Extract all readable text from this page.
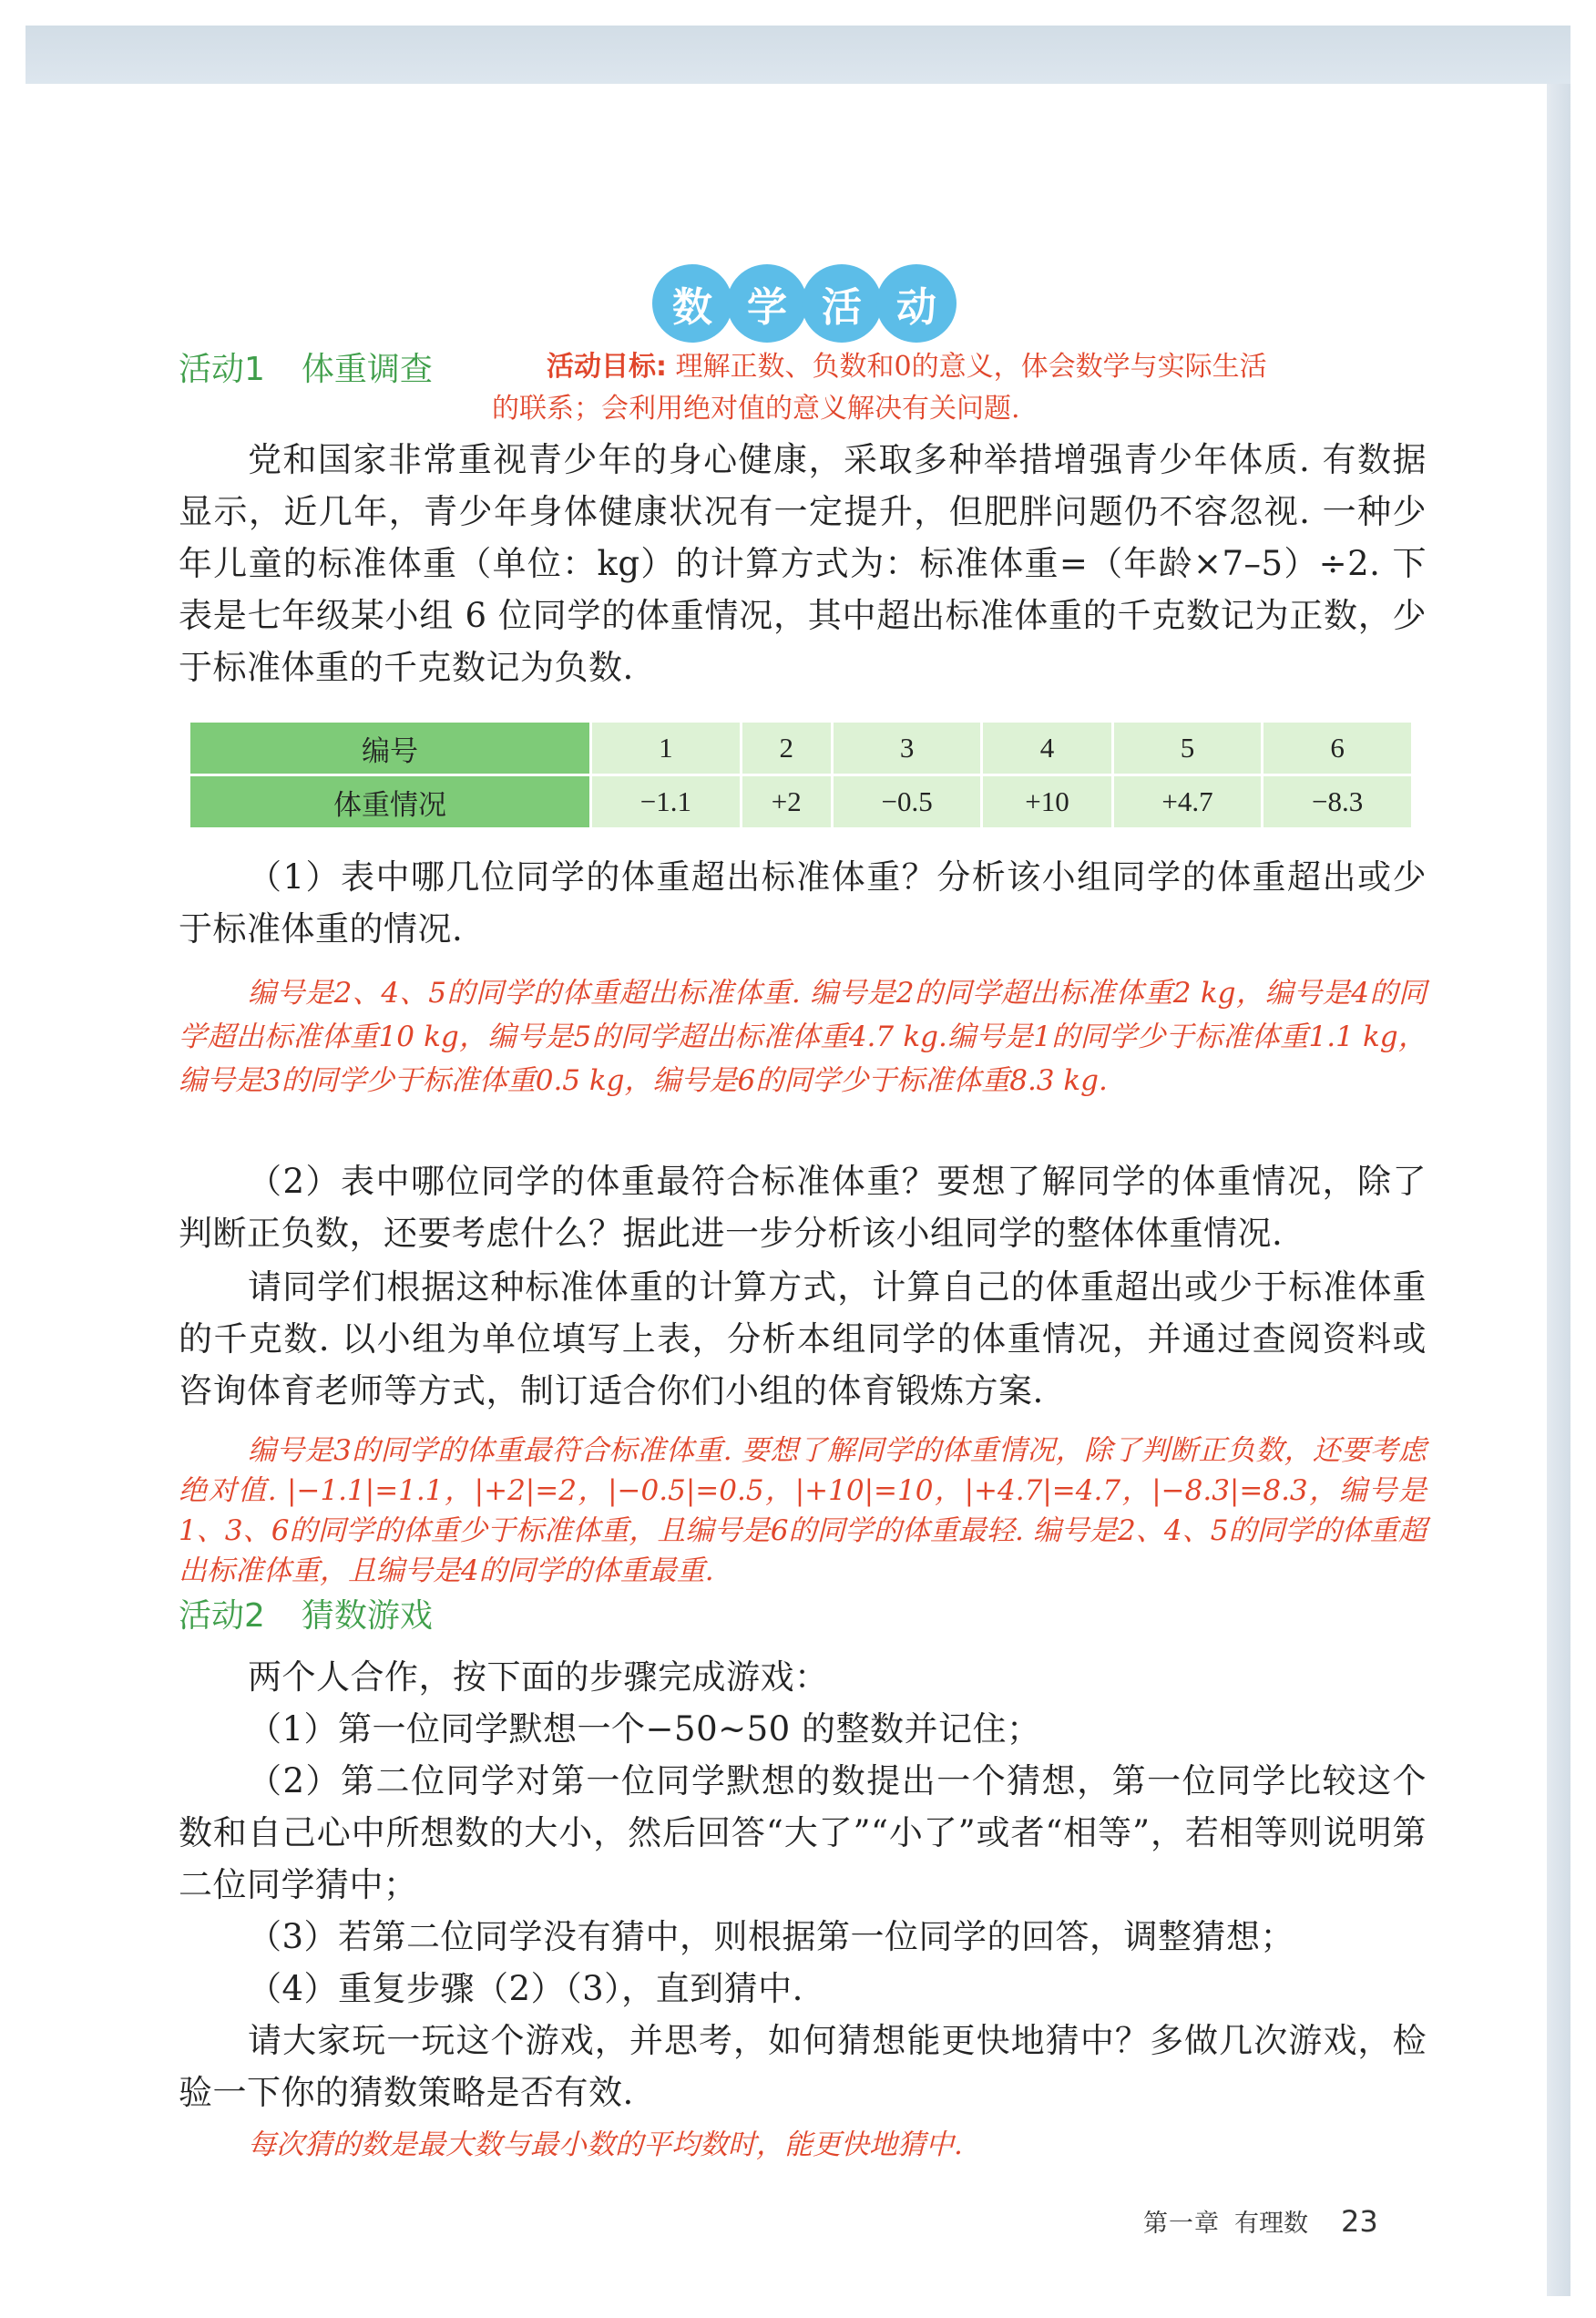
数 学 活 动
活动1 体重调查	活动目标: 理解正数、负数和0的意义，体会数学与实际生活
的联系；会利用绝对值的意义解决有关问题.
党和国家非常重视青少年的身心健康，采取多种举措增强青少年体质. 有数据显示，近几年，青少年身体健康状况有一定提升，但肥胖问题仍不容忽视. 一种少年儿童的标准体重（单位：kg）的计算方式为：标准体重=（年龄×7–5）÷2. 下表是七年级某小组 6 位同学的体重情况，其中超出标准体重的千克数记为正数，少于标准体重的千克数记为负数.
编号	1	2	3	4	5	6
体重情况	−1.1	+2	−0.5	+10	+4.7	−8.3
（1）表中哪几位同学的体重超出标准体重？分析该小组同学的体重超出或少于标准体重的情况.
编号是2、4、5的同学的体重超出标准体重. 编号是2的同学超出标准体重2 kg，编号是4的同学超出标准体重10 kg，编号是5的同学超出标准体重4.7 kg.编号是1的同学少于标准体重1.1 kg，编号是3的同学少于标准体重0.5 kg，编号是6的同学少于标准体重8.3 kg.
（2）表中哪位同学的体重最符合标准体重？要想了解同学的体重情况，除了判断正负数，还要考虑什么？据此进一步分析该小组同学的整体体重情况.
请同学们根据这种标准体重的计算方式，计算自己的体重超出或少于标准体重的千克数. 以小组为单位填写上表，分析本组同学的体重情况，并通过查阅资料或咨询体育老师等方式，制订适合你们小组的体育锻炼方案.
编号是3的同学的体重最符合标准体重. 要想了解同学的体重情况，除了判断正负数，还要考虑绝对值. |−1.1|=1.1，|+2|=2，|−0.5|=0.5，|+10|=10，|+4.7|=4.7，|−8.3|=8.3，编号是1、3、6的同学的体重少于标准体重，且编号是6的同学的体重最轻. 编号是2、4、5的同学的体重超出标准体重，且编号是4的同学的体重最重.
活动2 猜数游戏
两个人合作，按下面的步骤完成游戏：
（1）第一位同学默想一个−50~50 的整数并记住；
（2）第二位同学对第一位同学默想的数提出一个猜想，第一位同学比较这个数和自己心中所想数的大小，然后回答“大了”“小了”或者“相等”，若相等则说明第二位同学猜中；
（3）若第二位同学没有猜中，则根据第一位同学的回答，调整猜想；
（4）重复步骤（2）（3），直到猜中.
请大家玩一玩这个游戏，并思考，如何猜想能更快地猜中？多做几次游戏，检验一下你的猜数策略是否有效.
每次猜的数是最大数与最小数的平均数时，能更快地猜中.
第一章 有理数 23
